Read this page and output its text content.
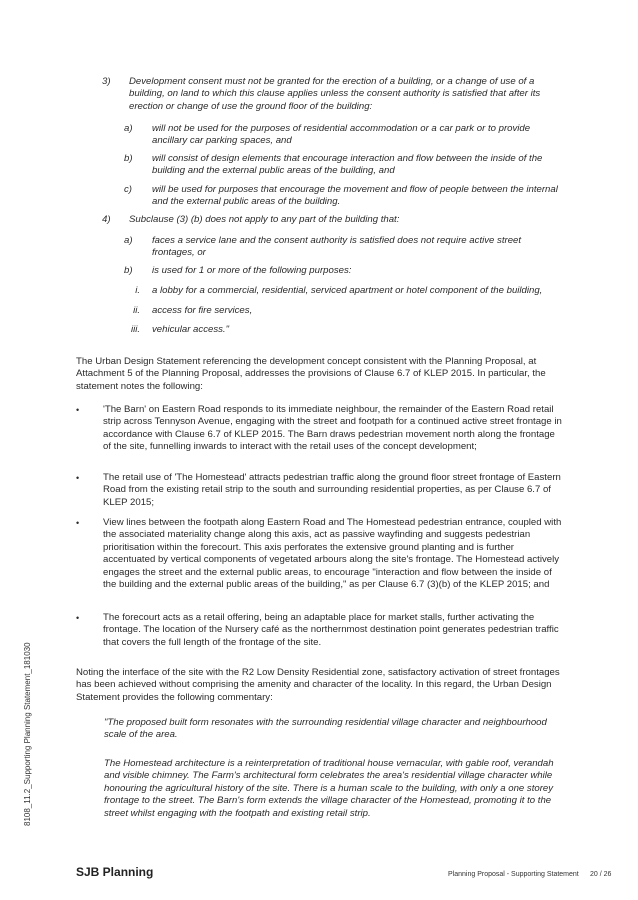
3)	Development consent must not be granted for the erection of a building, or a change of use of a building, on land to which this clause applies unless the consent authority is satisfied that after its erection or change of use the ground floor of the building:
a)	will not be used for the purposes of residential accommodation or a car park or to provide ancillary car parking spaces, and
b)	will consist of design elements that encourage interaction and flow between the inside of the building and the external public areas of the building, and
c)	will be used for purposes that encourage the movement and flow of people between the internal and the external public areas of the building.
4)	Subclause (3) (b) does not apply to any part of the building that:
a)	faces a service lane and the consent authority is satisfied does not require active street frontages, or
b)	is used for 1 or more of the following purposes:
i. a lobby for a commercial, residential, serviced apartment or hotel component of the building,
ii. access for fire services,
iii. vehicular access."
The Urban Design Statement referencing the development concept consistent with the Planning Proposal, at Attachment 5 of the Planning Proposal, addresses the provisions of Clause 6.7 of KLEP 2015. In particular, the statement notes the following:
• 'The Barn' on Eastern Road responds to its immediate neighbour, the remainder of the Eastern Road retail strip across Tennyson Avenue, engaging with the street and footpath for a continued active street frontage in accordance with Clause 6.7 of KLEP 2015. The Barn draws pedestrian movement north along the frontage of the site, funnelling inwards to interact with the retail uses of the concept development;
• The retail use of 'The Homestead' attracts pedestrian traffic along the ground floor street frontage of Eastern Road from the existing retail strip to the south and surrounding residential properties, as per Clause 6.7 of KLEP 2015;
• View lines between the footpath along Eastern Road and The Homestead pedestrian entrance, coupled with the associated materiality change along this axis, act as passive wayfinding and suggests pedestrian prioritisation within the forecourt. This axis perforates the extensive ground planting and is further accentuated by vertical components of vegetated arbours along the site's frontage. The Homestead actively engages the street and the external public areas, to encourage "interaction and flow between the inside of the building and the external public areas of the building," as per Clause 6.7 (3)(b) of the KLEP 2015; and
• The forecourt acts as a retail offering, being an adaptable place for market stalls, further activating the frontage. The location of the Nursery café as the northernmost destination point generates pedestrian traffic that covers the full length of the frontage of the site.
Noting the interface of the site with the R2 Low Density Residential zone, satisfactory activation of street frontages has been achieved without comprising the amenity and character of the locality. In this regard, the Urban Design Statement provides the following commentary:
"The proposed built form resonates with the surrounding residential village character and neighbourhood scale of the area.
The Homestead architecture is a reinterpretation of traditional house vernacular, with gable roof, verandah and visible chimney. The Farm's architectural form celebrates the area's residential village character while honouring the agricultural history of the site. There is a human scale to the building, with only a one storey frontage to the street. The Barn's form extends the village character of the Homestead, promoting it to the street whilst engaging with the footpath and existing retail strip.
8108_11.2_Supporting Planning Statement_181030
SJB Planning	Planning Proposal - Supporting Statement 20 / 26
